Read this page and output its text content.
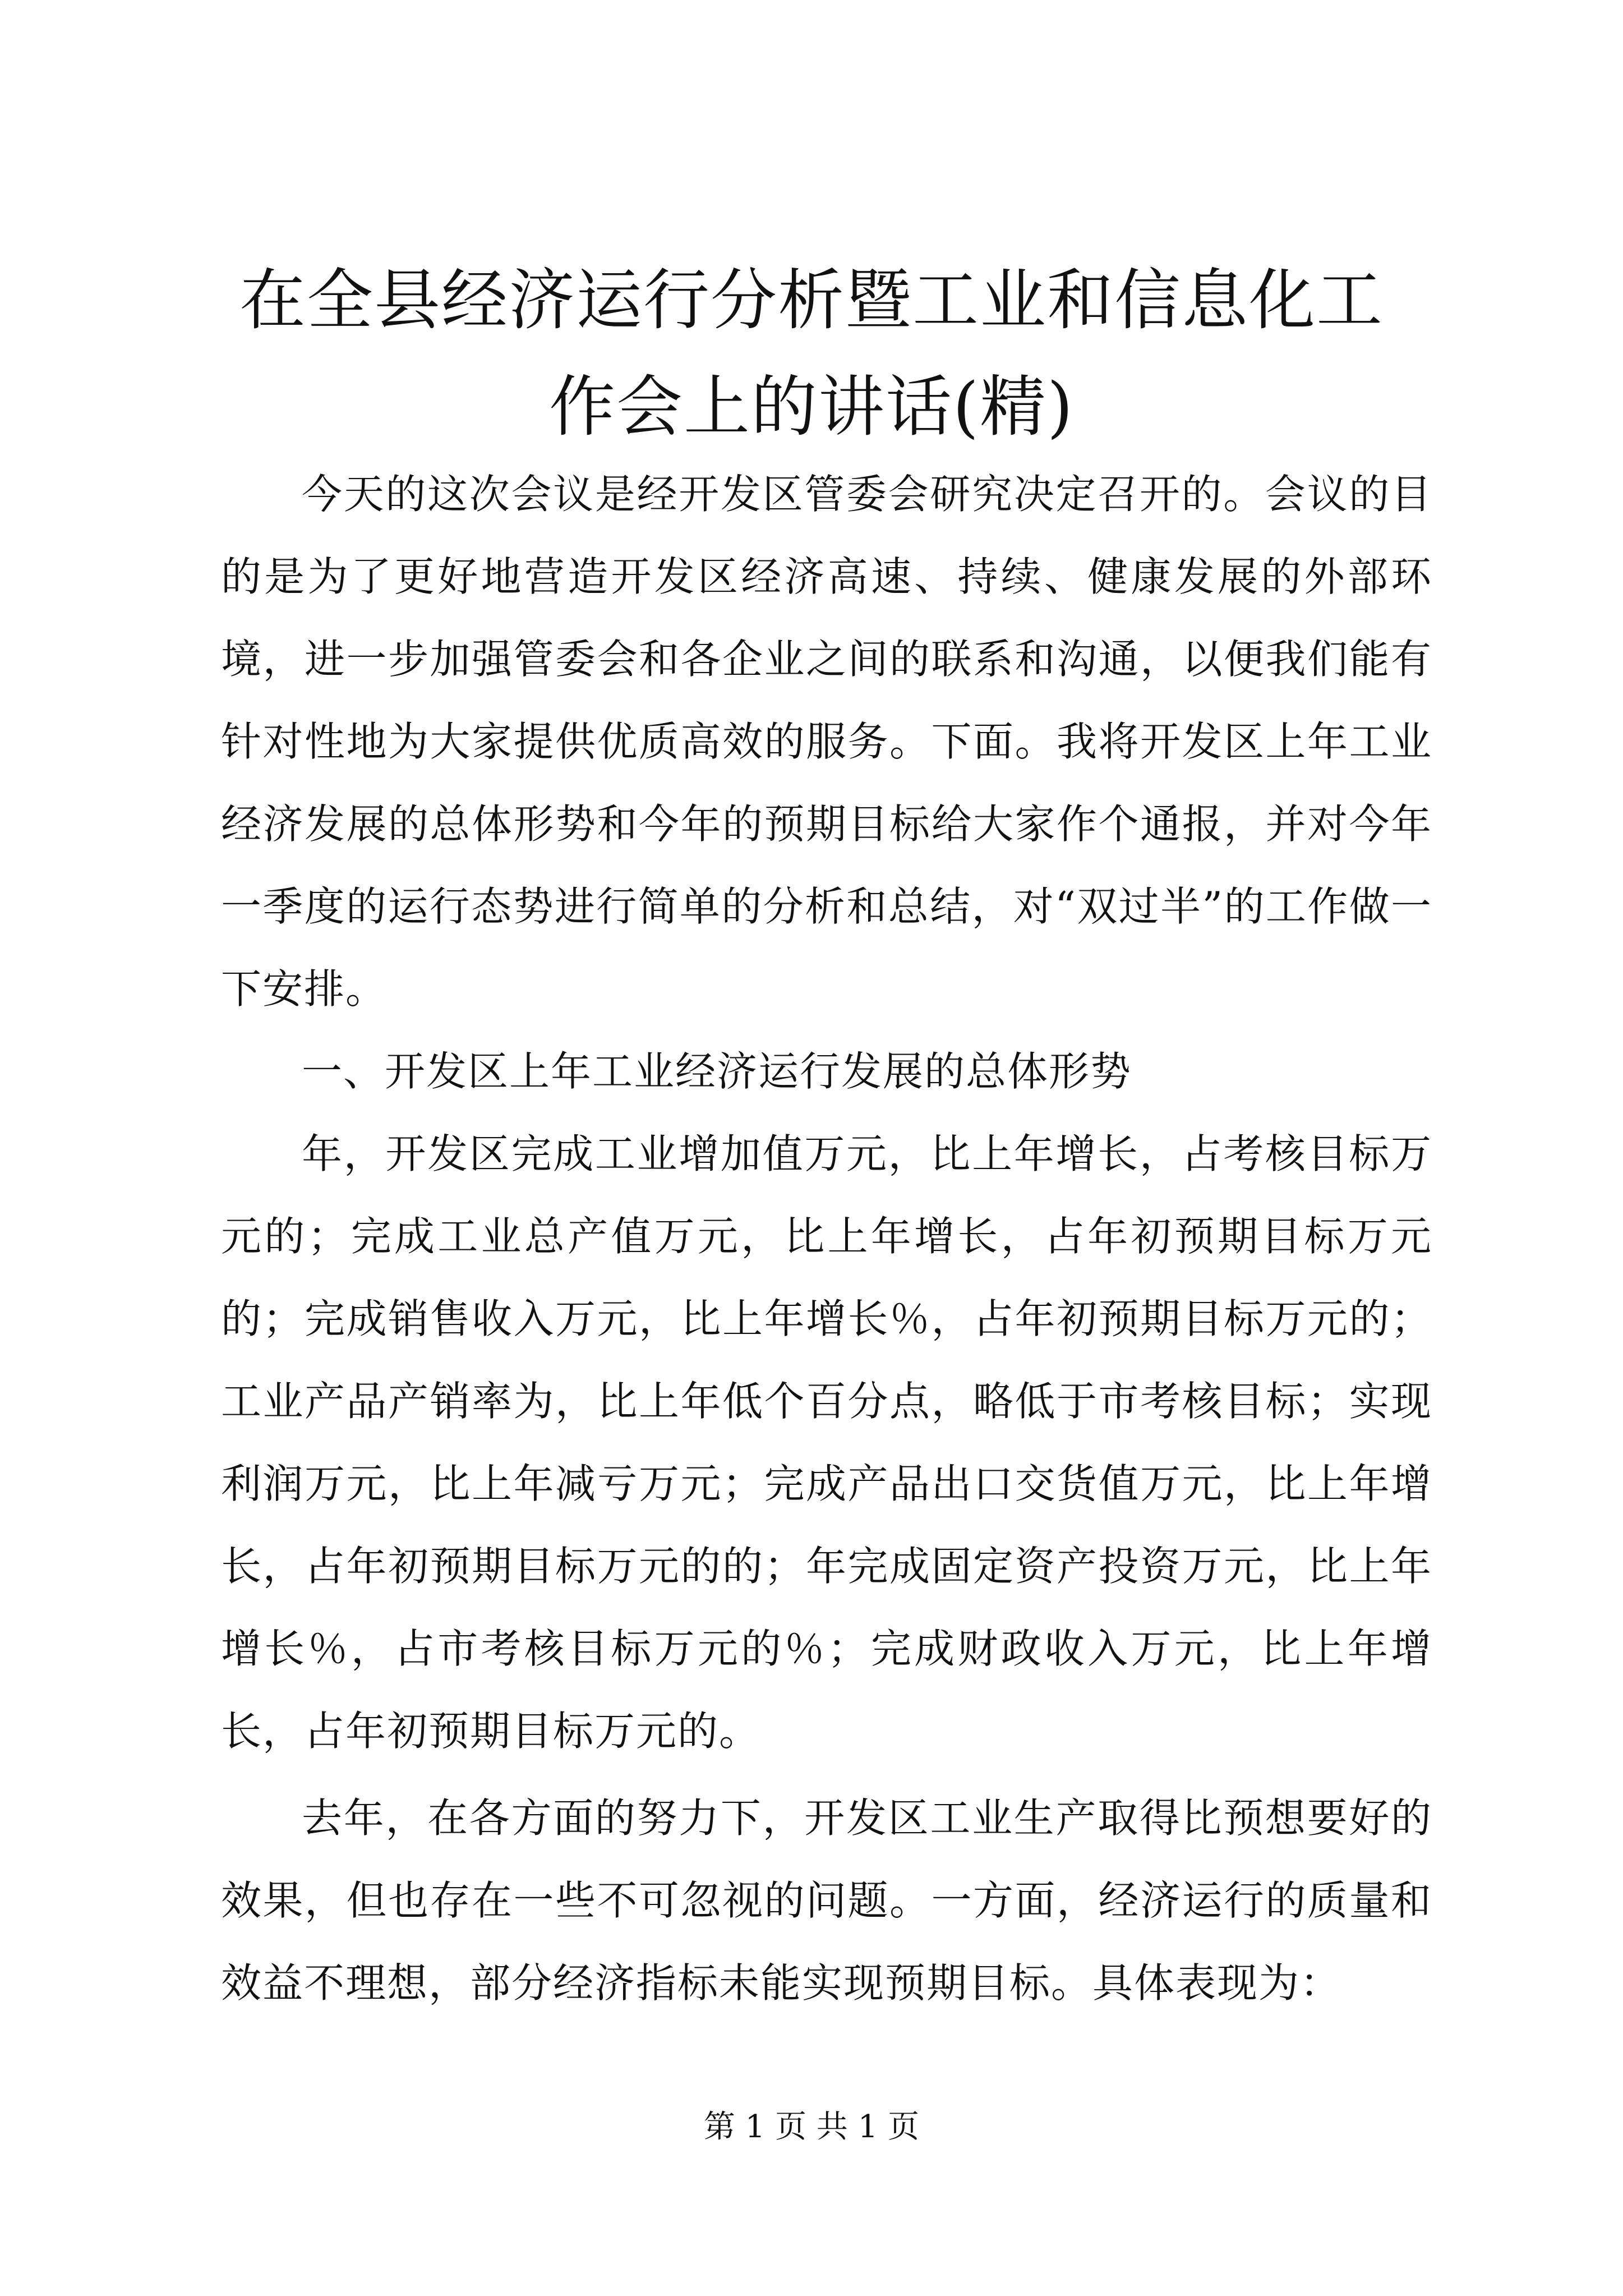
在全县经济运行分析暨工业和信息化工作会上的讲话(精)

今天的这次会议是经开发区管委会研究决定召开的。会议的目的是为了更好地营造开发区经济高速、持续、健康发展的外部环境，进一步加强管委会和各企业之间的联系和沟通，以便我们能有针对性地为大家提供优质高效的服务。下面。我将开发区上年工业经济发展的总体形势和今年的预期目标给大家作个通报，并对今年一季度的运行态势进行简单的分析和总结，对“双过半”的工作做一下安排。

一、开发区上年工业经济运行发展的总体形势

年，开发区完成工业增加值万元，比上年增长，占考核目标万元的；完成工业总产值万元，比上年增长，占年初预期目标万元的；完成销售收入万元，比上年增长％，占年初预期目标万元的；工业产品产销率为，比上年低个百分点，略低于市考核目标；实现利润万元，比上年减亏万元；完成产品出口交货值万元，比上年增长，占年初预期目标万元的的；年完成固定资产投资万元，比上年增长％，占市考核目标万元的％；完成财政收入万元，比上年增长，占年初预期目标万元的。

去年，在各方面的努力下，开发区工业生产取得比预想要好的效果，但也存在一些不可忽视的问题。一方面，经济运行的质量和效益不理想，部分经济指标未能实现预期目标。具体表现为：

第 1 页 共 1 页
